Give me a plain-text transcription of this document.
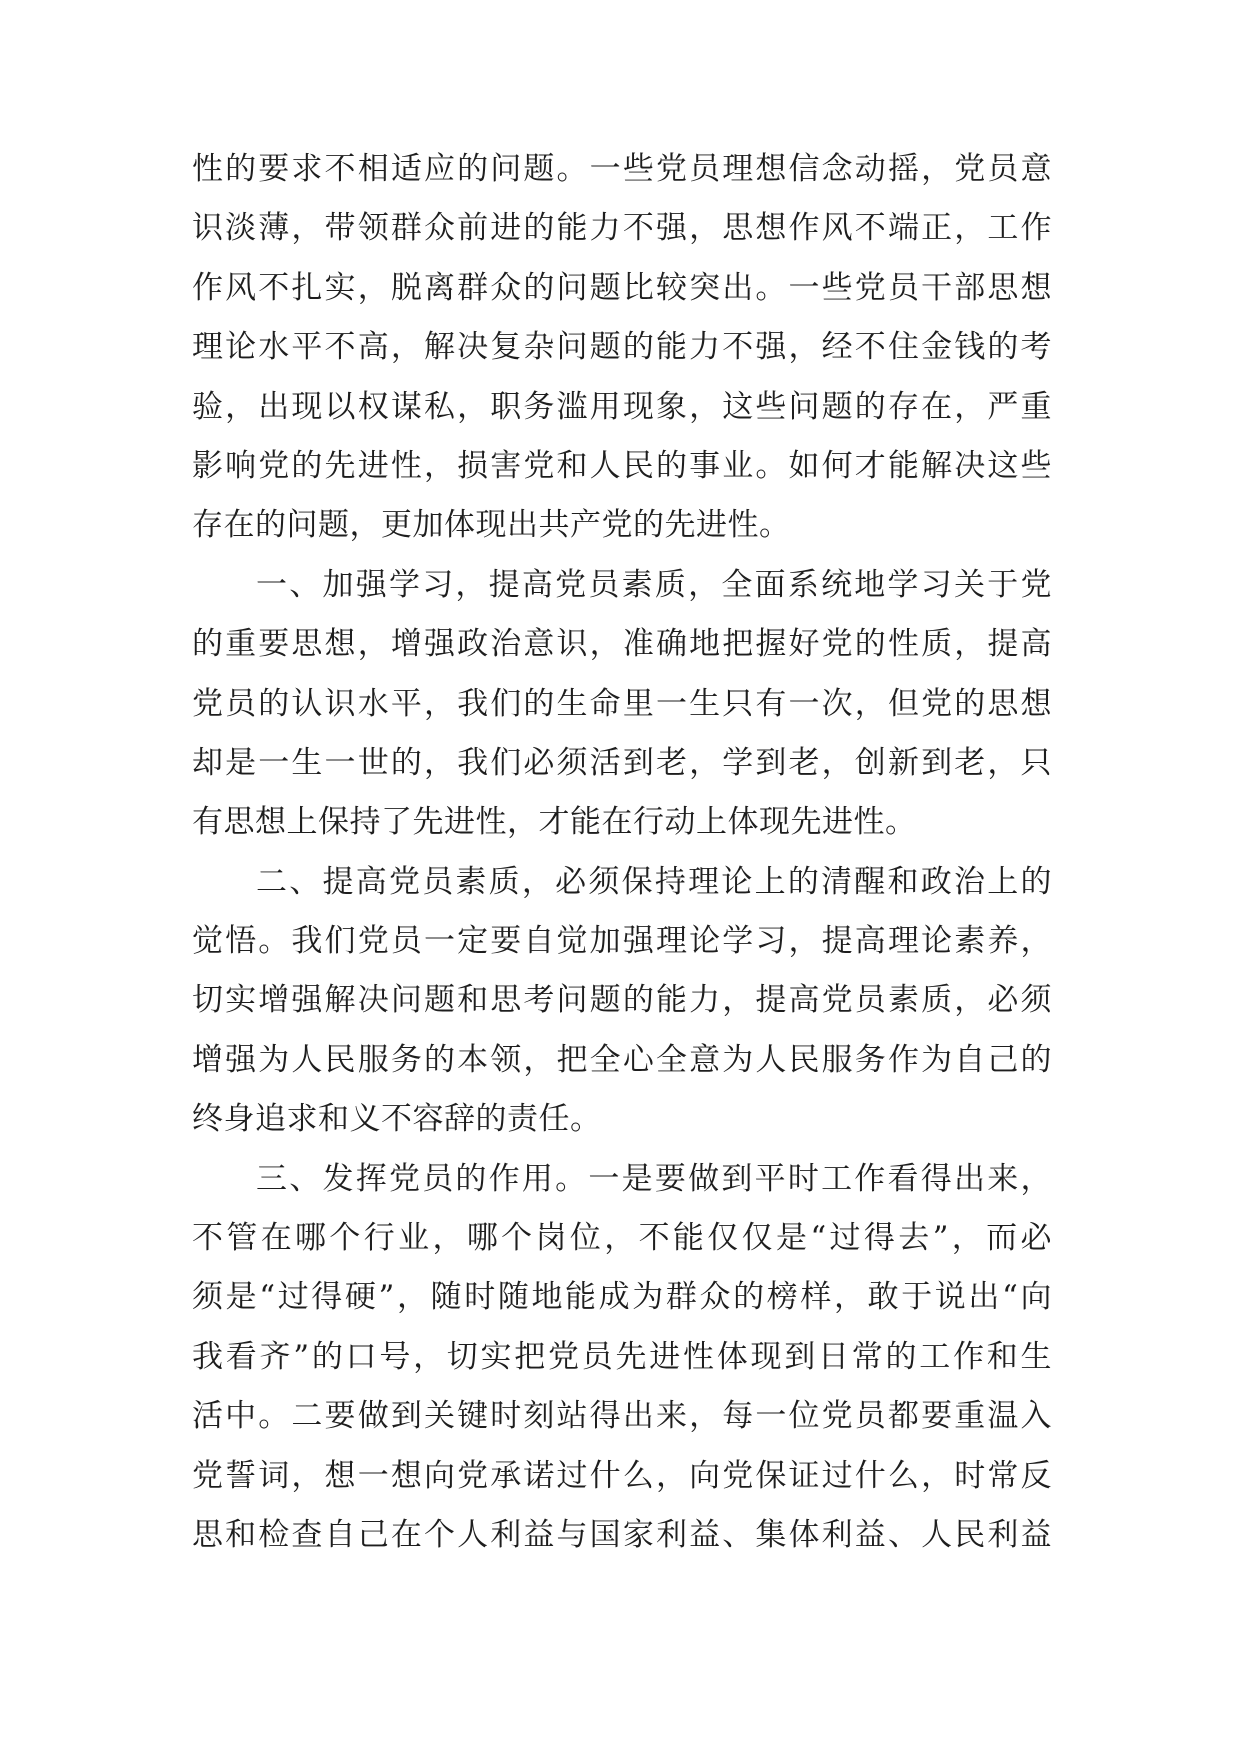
性的要求不相适应的问题。一些党员理想信念动摇，党员意
识淡薄，带领群众前进的能力不强，思想作风不端正，工作
作风不扎实，脱离群众的问题比较突出。一些党员干部思想
理论水平不高，解决复杂问题的能力不强，经不住金钱的考
验，出现以权谋私，职务滥用现象，这些问题的存在，严重
影响党的先进性，损害党和人民的事业。如何才能解决这些
存在的问题，更加体现出共产党的先进性。
一、加强学习，提高党员素质，全面系统地学习关于党
的重要思想，增强政治意识，准确地把握好党的性质，提高
党员的认识水平，我们的生命里一生只有一次，但党的思想
却是一生一世的，我们必须活到老，学到老，创新到老，只
有思想上保持了先进性，才能在行动上体现先进性。
二、提高党员素质，必须保持理论上的清醒和政治上的
觉悟。我们党员一定要自觉加强理论学习，提高理论素养，
切实增强解决问题和思考问题的能力，提高党员素质，必须
增强为人民服务的本领，把全心全意为人民服务作为自己的
终身追求和义不容辞的责任。
三、发挥党员的作用。一是要做到平时工作看得出来，
不管在哪个行业，哪个岗位，不能仅仅是“过得去”，而必
须是“过得硬”，随时随地能成为群众的榜样，敢于说出“向
我看齐”的口号，切实把党员先进性体现到日常的工作和生
活中。二要做到关键时刻站得出来，每一位党员都要重温入
党誓词，想一想向党承诺过什么，向党保证过什么，时常反
思和检查自己在个人利益与国家利益、集体利益、人民利益
